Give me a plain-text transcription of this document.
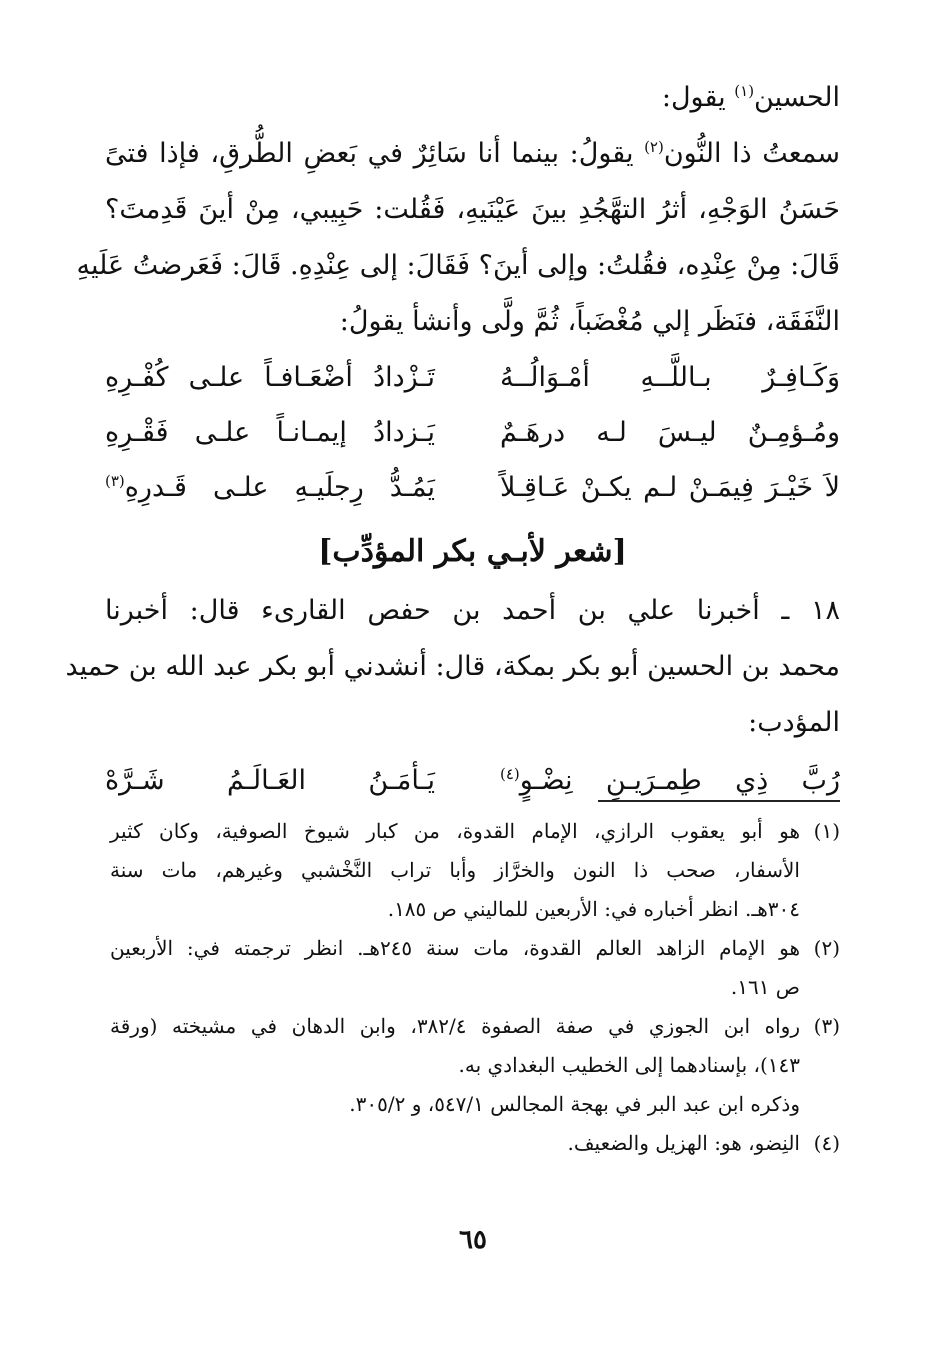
الحسين$^{(١)}$ يقول:
سمعتُ ذا النُّون$^{(٢)}$ يقولُ: بينما أنا سَائِرٌ في بَعضِ الطُّرقِ، فإذا فتىً
حَسَنُ الوَجْهِ، أثرُ التهَّجُدِ بينَ عَيْنَيهِ، فَقُلت: حَبِيبي، مِنْ أينَ قَدِمتَ؟
قَالَ: مِنْ عِنْدِه، فقُلتُ: وإلى أينَ؟ فَقَالَ: إلى عِنْدِهِ. قَالَ: فَعَرضتُ عَلَيهِ
النَّفَقَة، فنَظَر إلي مُغْضَباً، ثُمَّ ولَّى وأنشأ يقولُ:
وَكَـافِـرٌ بـاللَّــهِ أمْـوَالُــهُ
تَـزْدادُ أضْعَـافـاً علـى كُفْـرِهِ
ومُـؤمِـنٌ ليـسَ لـه درهَـمٌ
يَـزدادُ إيمـانـاً علـى فَقْـرِهِ
لاَ خَيْـرَ فِيمَـنْ لـم يكـنْ عَـاقِـلاً
يَمُـدُّ رِجلَيـهِ علـى قَـدرِهِ$^{(٣)}$
[شعر لأبـي بكر المؤدِّب]
١٨ ـ أخبرنا علي بن أحمد بن حفص القارىء قال: أخبرنا
محمد بن الحسين أبو بكر بمكة، قال: أنشدني أبو بكر عبد الله بن حميد
المؤدب:
رُبَّ ذِي طِمـرَيـنِ نِضْـوٍ$^{(٤)}$
يَـأمَـنُ العَـالَـمُ شَـرَّهْ
(١)
هو أبو يعقوب الرازي، الإمام القدوة، من كبار شيوخ الصوفية، وكان كثير
الأسفار، صحب ذا النون والخرَّاز وأبا تراب النَّخْشبي وغيرهم، مات سنة
٣٠٤هـ. انظر أخباره في: الأربعين للماليني ص ١٨٥.
(٢)
هو الإمام الزاهد العالم القدوة، مات سنة ٢٤٥هـ. انظر ترجمته في: الأربعين
ص ١٦١.
(٣)
رواه ابن الجوزي في صفة الصفوة ٣٨٢/٤، وابن الدهان في مشيخته (ورقة
١٤٣)، بإسنادهما إلى الخطيب البغدادي به.
وذكره ابن عبد البر في بهجة المجالس ٥٤٧/١، و ٣٠٥/٢.
(٤)
النِضو، هو: الهزيل والضعيف.
٦٥
